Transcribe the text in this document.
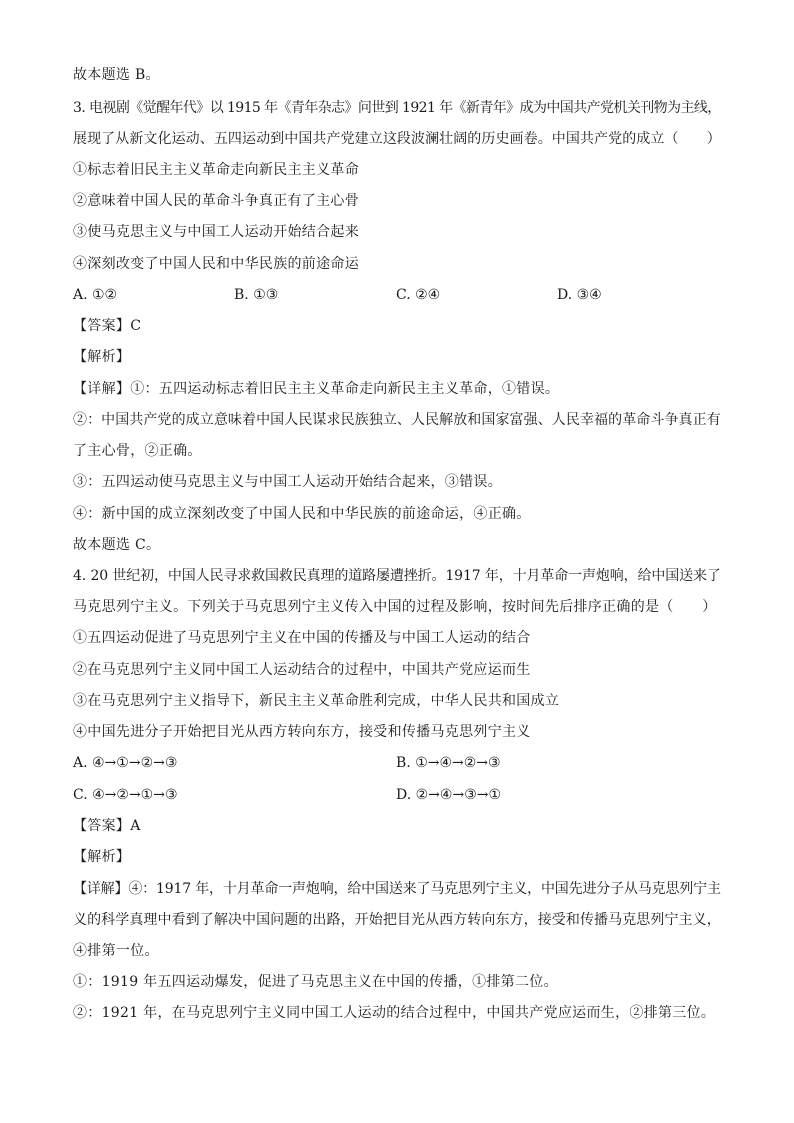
故本题选 B。
3. 电视剧《觉醒年代》以 1915 年《青年杂志》问世到 1921 年《新青年》成为中国共产党机关刊物为主线，
展现了从新文化运动、五四运动到中国共产党建立这段波澜壮阔的历史画卷。中国共产党的成立（　　）
①标志着旧民主主义革命走向新民主主义革命
②意味着中国人民的革命斗争真正有了主心骨
③使马克思主义与中国工人运动开始结合起来
④深刻改变了中国人民和中华民族的前途命运
A. ①②	B. ①③	C. ②④	D. ③④
【答案】C
【解析】
【详解】①：五四运动标志着旧民主主义革命走向新民主主义革命，①错误。
②：中国共产党的成立意味着中国人民谋求民族独立、人民解放和国家富强、人民幸福的革命斗争真正有
了主心骨，②正确。
③：五四运动使马克思主义与中国工人运动开始结合起来，③错误。
④：新中国的成立深刻改变了中国人民和中华民族的前途命运，④正确。
故本题选 C。
4. 20 世纪初，中国人民寻求救国救民真理的道路屡遭挫折。1917 年，十月革命一声炮响，给中国送来了
马克思列宁主义。下列关于马克思列宁主义传入中国的过程及影响，按时间先后排序正确的是（　　）
①五四运动促进了马克思列宁主义在中国的传播及与中国工人运动的结合
②在马克思列宁主义同中国工人运动结合的过程中，中国共产党应运而生
③在马克思列宁主义指导下，新民主主义革命胜利完成，中华人民共和国成立
④中国先进分子开始把目光从西方转向东方，接受和传播马克思列宁主义
A. ④→①→②→③	B. ①→④→②→③
C. ④→②→①→③	D. ②→④→③→①
【答案】A
【解析】
【详解】④：1917 年，十月革命一声炮响，给中国送来了马克思列宁主义，中国先进分子从马克思列宁主
义的科学真理中看到了解决中国问题的出路，开始把目光从西方转向东方，接受和传播马克思列宁主义，
④排第一位。
①：1919 年五四运动爆发，促进了马克思主义在中国的传播，①排第二位。
②：1921 年，在马克思列宁主义同中国工人运动的结合过程中，中国共产党应运而生，②排第三位。
